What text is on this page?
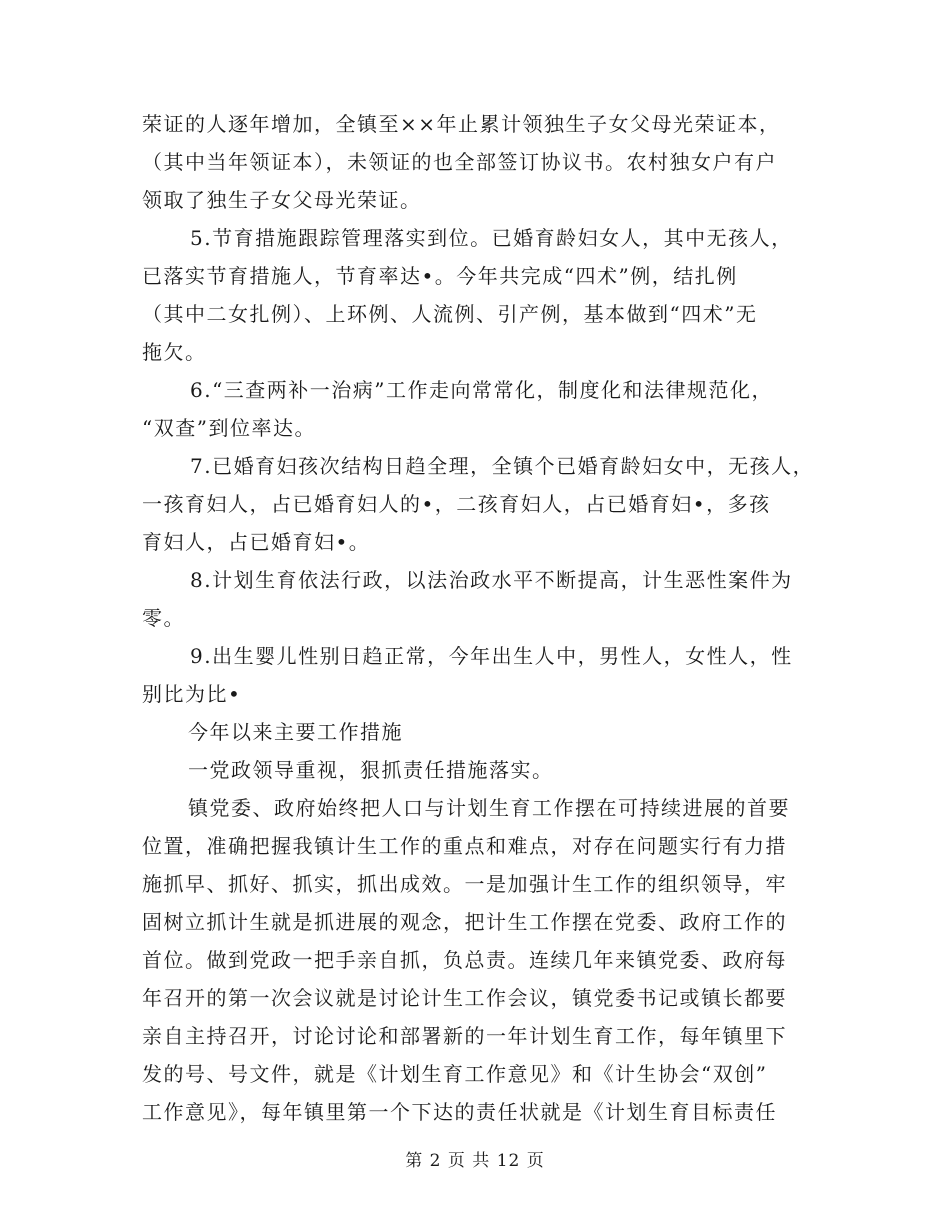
荣证的人逐年增加，全镇至××年止累计领独生子女父母光荣证本，
（其中当年领证本），未领证的也全部签订协议书。农村独女户有户
领取了独生子女父母光荣证。
5.节育措施跟踪管理落实到位。已婚育龄妇女人，其中无孩人，
已落实节育措施人，节育率达•。今年共完成“四术”例，结扎例
（其中二女扎例）、上环例、人流例、引产例，基本做到“四术”无
拖欠。
6.“三查两补一治病”工作走向常常化，制度化和法律规范化，
“双查”到位率达。
7.已婚育妇孩次结构日趋全理，全镇个已婚育龄妇女中，无孩人，
一孩育妇人，占已婚育妇人的•，二孩育妇人，占已婚育妇•，多孩
育妇人，占已婚育妇•。
8.计划生育依法行政，以法治政水平不断提高，计生恶性案件为
零。
9.出生婴儿性别日趋正常，今年出生人中，男性人，女性人，性
别比为比•
今年以来主要工作措施
一党政领导重视，狠抓责任措施落实。
镇党委、政府始终把人口与计划生育工作摆在可持续进展的首要
位置，准确把握我镇计生工作的重点和难点，对存在问题实行有力措
施抓早、抓好、抓实，抓出成效。一是加强计生工作的组织领导，牢
固树立抓计生就是抓进展的观念，把计生工作摆在党委、政府工作的
首位。做到党政一把手亲自抓，负总责。连续几年来镇党委、政府每
年召开的第一次会议就是讨论计生工作会议，镇党委书记或镇长都要
亲自主持召开，讨论讨论和部署新的一年计划生育工作，每年镇里下
发的号、号文件，就是《计划生育工作意见》和《计生协会“双创”
工作意见》，每年镇里第一个下达的责任状就是《计划生育目标责任
第 2 页 共 12 页
